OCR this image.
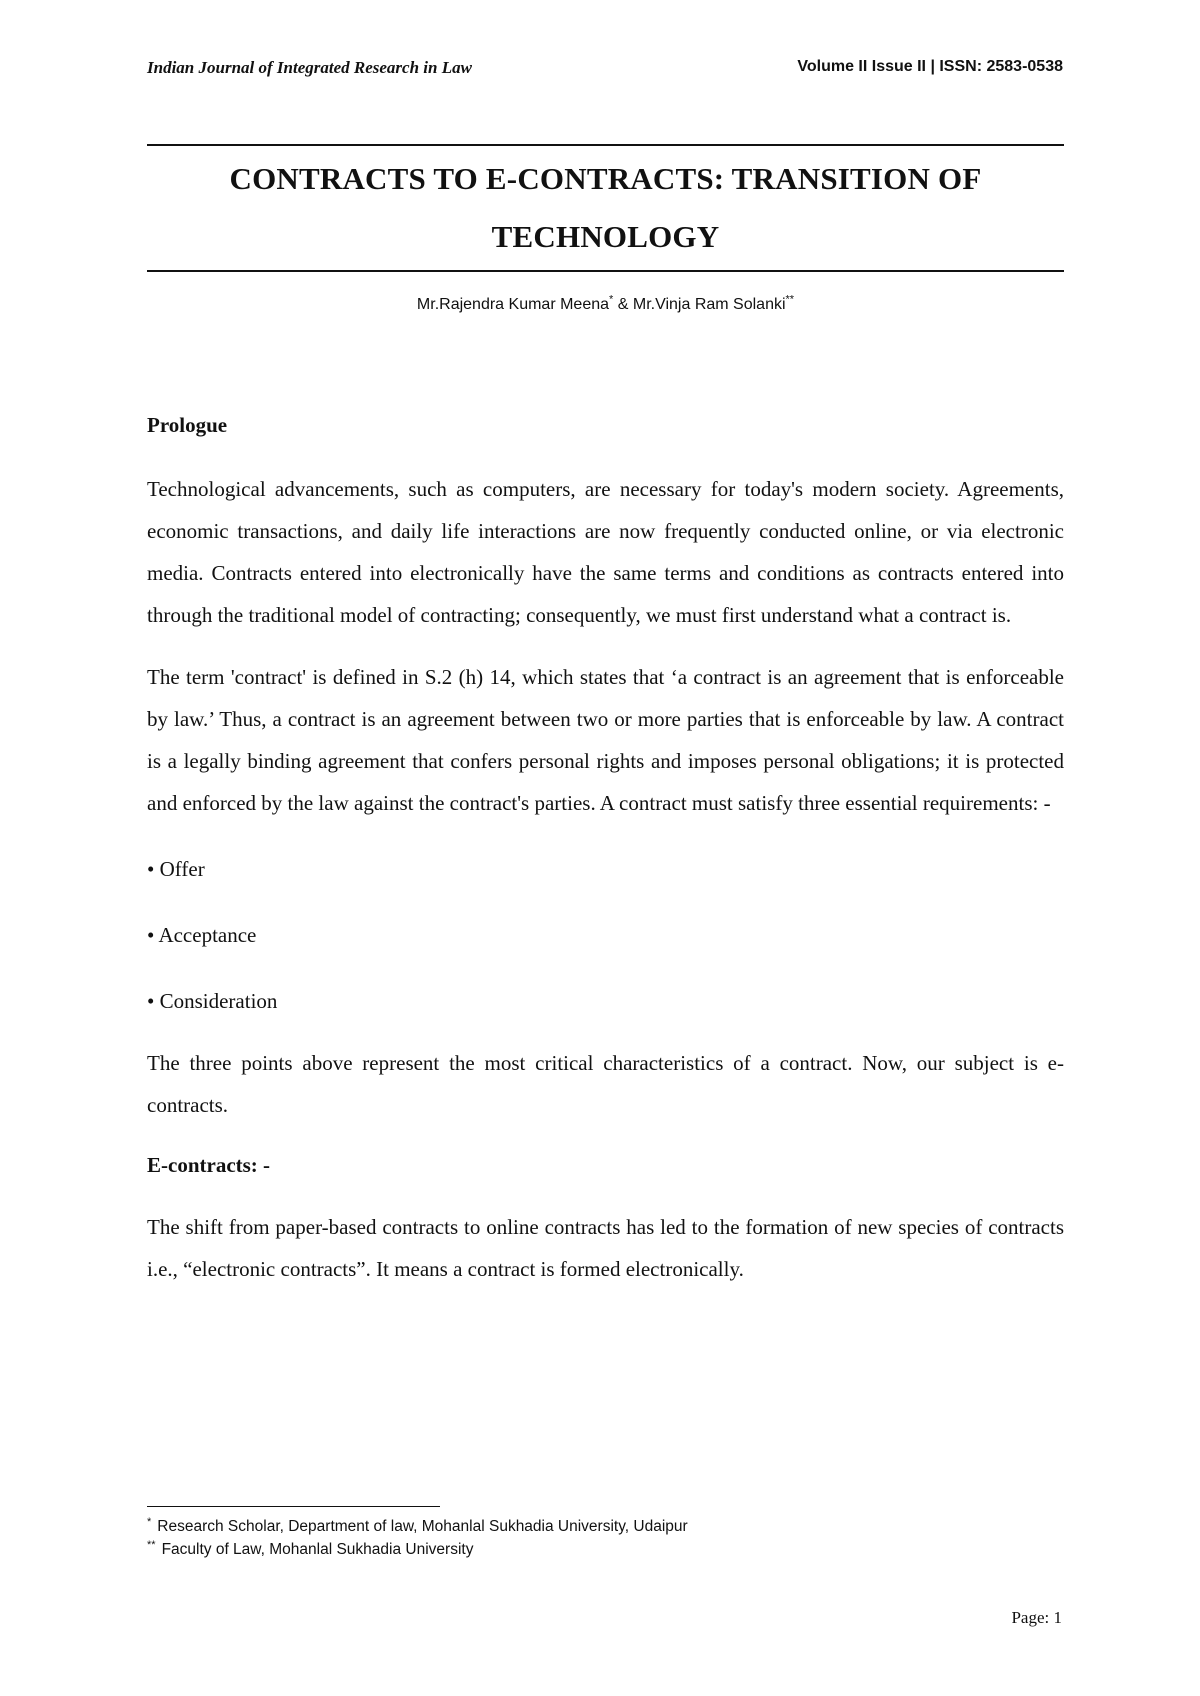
Indian Journal of Integrated Research in Law	Volume II Issue II | ISSN: 2583-0538
CONTRACTS TO E-CONTRACTS: TRANSITION OF
TECHNOLOGY
Mr.Rajendra Kumar Meena* & Mr.Vinja Ram Solanki**
Prologue

Technological advancements, such as computers, are necessary for today's modern society. Agreements, economic transactions, and daily life interactions are now frequently conducted online, or via electronic media. Contracts entered into electronically have the same terms and conditions as contracts entered into through the traditional model of contracting; consequently, we must first understand what a contract is.

The term 'contract' is defined in S.2 (h) 14, which states that ‘a contract is an agreement that is enforceable by law.’ Thus, a contract is an agreement between two or more parties that is enforceable by law. A contract is a legally binding agreement that confers personal rights and imposes personal obligations; it is protected and enforced by the law against the contract's parties. A contract must satisfy three essential requirements: -

• Offer
• Acceptance
• Consideration

The three points above represent the most critical characteristics of a contract. Now, our subject is e-contracts.

E-contracts: -

The shift from paper-based contracts to online contracts has led to the formation of new species of contracts i.e., “electronic contracts”. It means a contract is formed electronically.

* Research Scholar, Department of law, Mohanlal Sukhadia University, Udaipur
** Faculty of Law, Mohanlal Sukhadia University
Page: 1
